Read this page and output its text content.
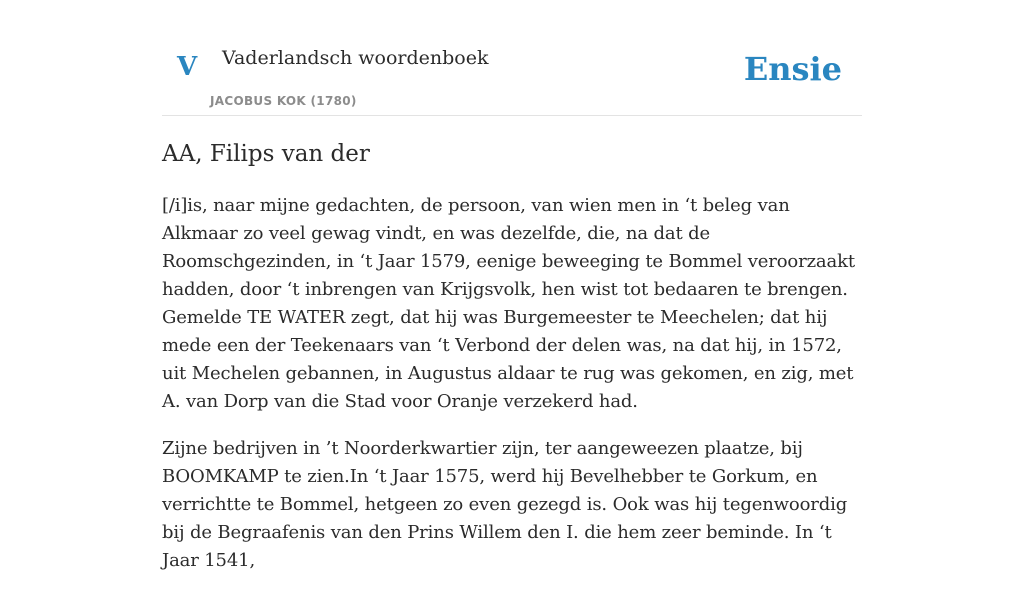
V Vaderlandsch woordenboek
JACOBUS KOK (1780)
Ensie
AA, Filips van der

[/i]is, naar mijne gedachten, de persoon, van wien men in ‘t beleg van Alkmaar zo veel gewag vindt, en was dezelfde, die, na dat de Roomschgezinden, in ‘t Jaar 1579, eenige beweeging te Bommel veroorzaakt hadden, door ‘t inbrengen van Krijgsvolk, hen wist tot bedaaren te brengen. Gemelde TE WATER zegt, dat hij was Burgemeester te Meechelen; dat hij mede een der Teekenaars van ‘t Verbond der delen was, na dat hij, in 1572, uit Mechelen gebannen, in Augustus aldaar te rug was gekomen, en zig, met A. van Dorp van die Stad voor Oranje verzekerd had.

Zijne bedrijven in ’t Noorderkwartier zijn, ter aangeweezen plaatze, bij BOOMKAMP te zien.In ‘t Jaar 1575, werd hij Bevelhebber te Gorkum, en verrichtte te Bommel, hetgeen zo even gezegd is. Ook was hij tegenwoordig bij de Begraafenis van den Prins Willem den I. die hem zeer beminde. In ‘t Jaar 1541,
